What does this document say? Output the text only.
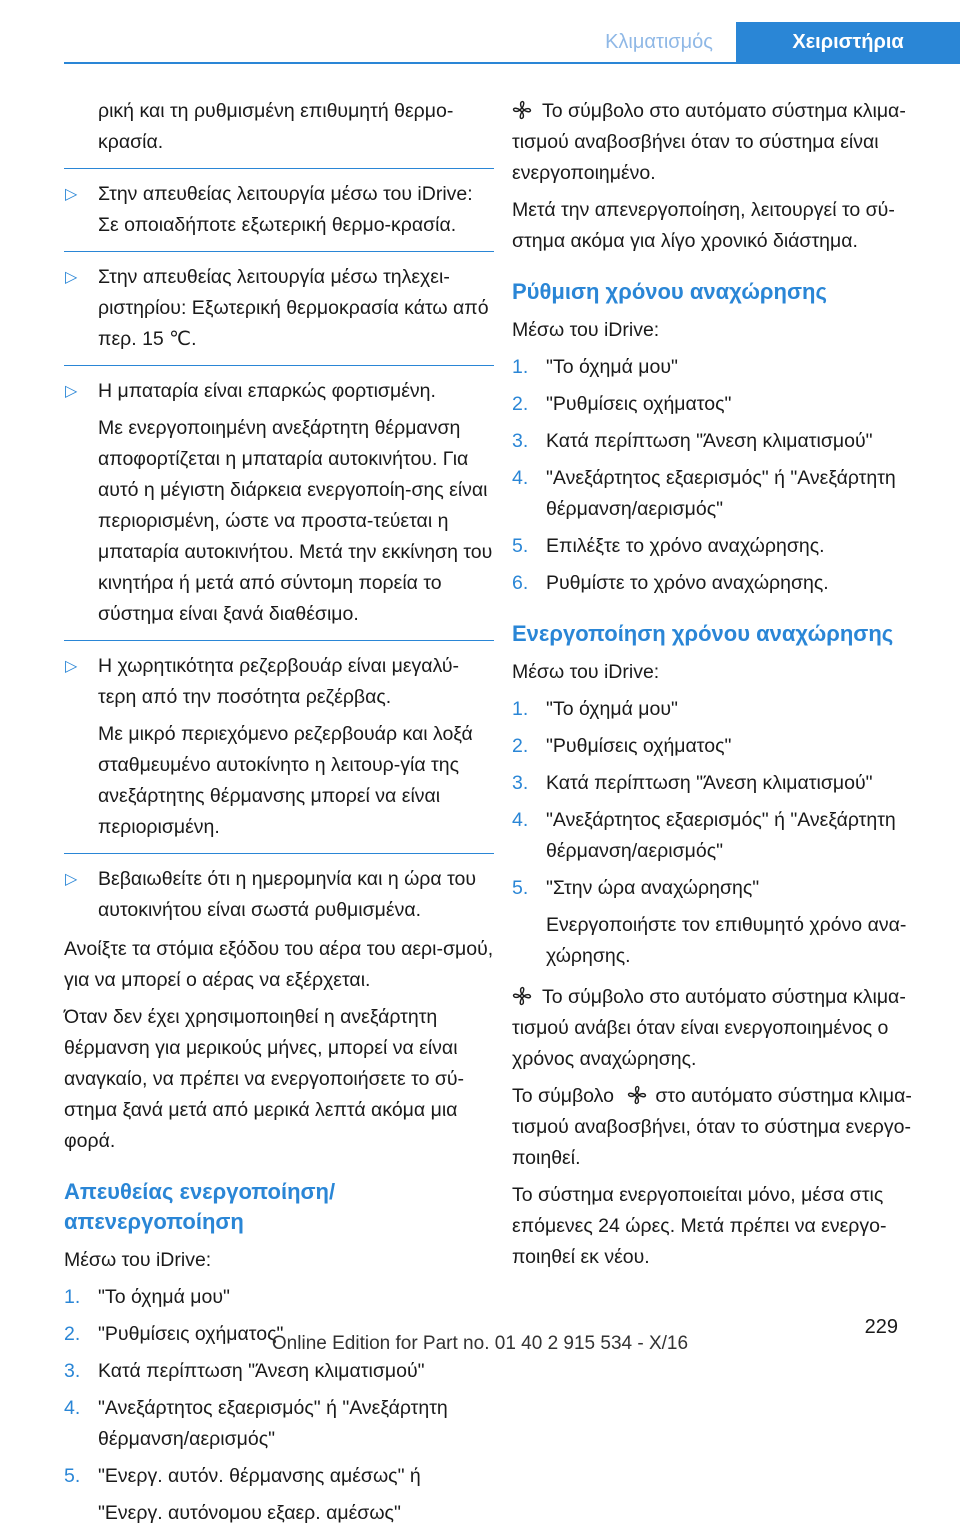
Κλιματισμός	Χειριστήρια

ρική και τη ρυθμισμένη επιθυμητή θερμο-κρασία.

▷ Στην απευθείας λειτουργία μέσω του iDrive: Σε οποιαδήποτε εξωτερική θερμο-κρασία.
▷ Στην απευθείας λειτουργία μέσω τηλεχει-ριστηρίου: Εξωτερική θερμοκρασία κάτω από περ. 15 ℃.
▷ Η μπαταρία είναι επαρκώς φορτισμένη.

Με ενεργοποιημένη ανεξάρτητη θέρμανση αποφορτίζεται η μπαταρία αυτοκινήτου. Για αυτό η μέγιστη διάρκεια ενεργοποίη-σης είναι περιορισμένη, ώστε να προστα-τεύεται η μπαταρία αυτοκινήτου. Μετά την εκκίνηση του κινητήρα ή μετά από σύντομη πορεία το σύστημα είναι ξανά διαθέσιμο.

▷ Η χωρητικότητα ρεζερβουάρ είναι μεγαλύ-τερη από την ποσότητα ρεζέρβας.

Με μικρό περιεχόμενο ρεζερβουάρ και λοξά σταθμευμένο αυτοκίνητο η λειτουρ-γία της ανεξάρτητης θέρμανσης μπορεί να είναι περιορισμένη.

▷ Βεβαιωθείτε ότι η ημερομηνία και η ώρα του αυτοκινήτου είναι σωστά ρυθμισμένα.

Ανοίξτε τα στόμια εξόδου του αέρα του αερι-σμού, για να μπορεί ο αέρας να εξέρχεται.

Όταν δεν έχει χρησιμοποιηθεί η ανεξάρτητη θέρμανση για μερικούς μήνες, μπορεί να είναι αναγκαίο, να πρέπει να ενεργοποιήσετε το σύ-στημα ξανά μετά από μερικά λεπτά ακόμα μια φορά.

Απευθείας ενεργοποίηση/ απενεργοποίηση

Μέσω του iDrive:

1. "Το όχημά μου"
2. "Ρυθμίσεις οχήματος"
3. Κατά περίπτωση "Άνεση κλιματισμού"
4. "Ανεξάρτητος εξαερισμός" ή "Ανεξάρτητη θέρμανση/αερισμός"
5. "Ενεργ. αυτόν. θέρμανσης αμέσως" ή

"Ενεργ. αυτόνομου εξαερ. αμέσως"

Το σύμβολο στο αυτόματο σύστημα κλιμα-τισμού αναβοσβήνει όταν το σύστημα είναι ενεργοποιημένο.

Μετά την απενεργοποίηση, λειτουργεί το σύ-στημα ακόμα για λίγο χρονικό διάστημα.

Ρύθμιση χρόνου αναχώρησης

Μέσω του iDrive:

1. "Το όχημά μου"
2. "Ρυθμίσεις οχήματος"
3. Κατά περίπτωση "Άνεση κλιματισμού"
4. "Ανεξάρτητος εξαερισμός" ή "Ανεξάρτητη θέρμανση/αερισμός"
5. Επιλέξτε το χρόνο αναχώρησης.
6. Ρυθμίστε το χρόνο αναχώρησης.
Ενεργοποίηση χρόνου αναχώρησης

Μέσω του iDrive:

1. "Το όχημά μου"
2. "Ρυθμίσεις οχήματος"
3. Κατά περίπτωση "Άνεση κλιματισμού"
4. "Ανεξάρτητος εξαερισμός" ή "Ανεξάρτητη θέρμανση/αερισμός"
5. "Στην ώρα αναχώρησης"

Ενεργοποιήστε τον επιθυμητό χρόνο ανα-χώρησης.

Το σύμβολο στο αυτόματο σύστημα κλιμα-τισμού ανάβει όταν είναι ενεργοποιημένος ο χρόνος αναχώρησης.

Το σύμβολο στο αυτόματο σύστημα κλιμα-τισμού αναβοσβήνει, όταν το σύστημα ενεργο-ποιηθεί.

Το σύστημα ενεργοποιείται μόνο, μέσα στις επόμενες 24 ώρες. Μετά πρέπει να ενεργο-ποιηθεί εκ νέου.

229
Online Edition for Part no. 01 40 2 915 534 - X/16
